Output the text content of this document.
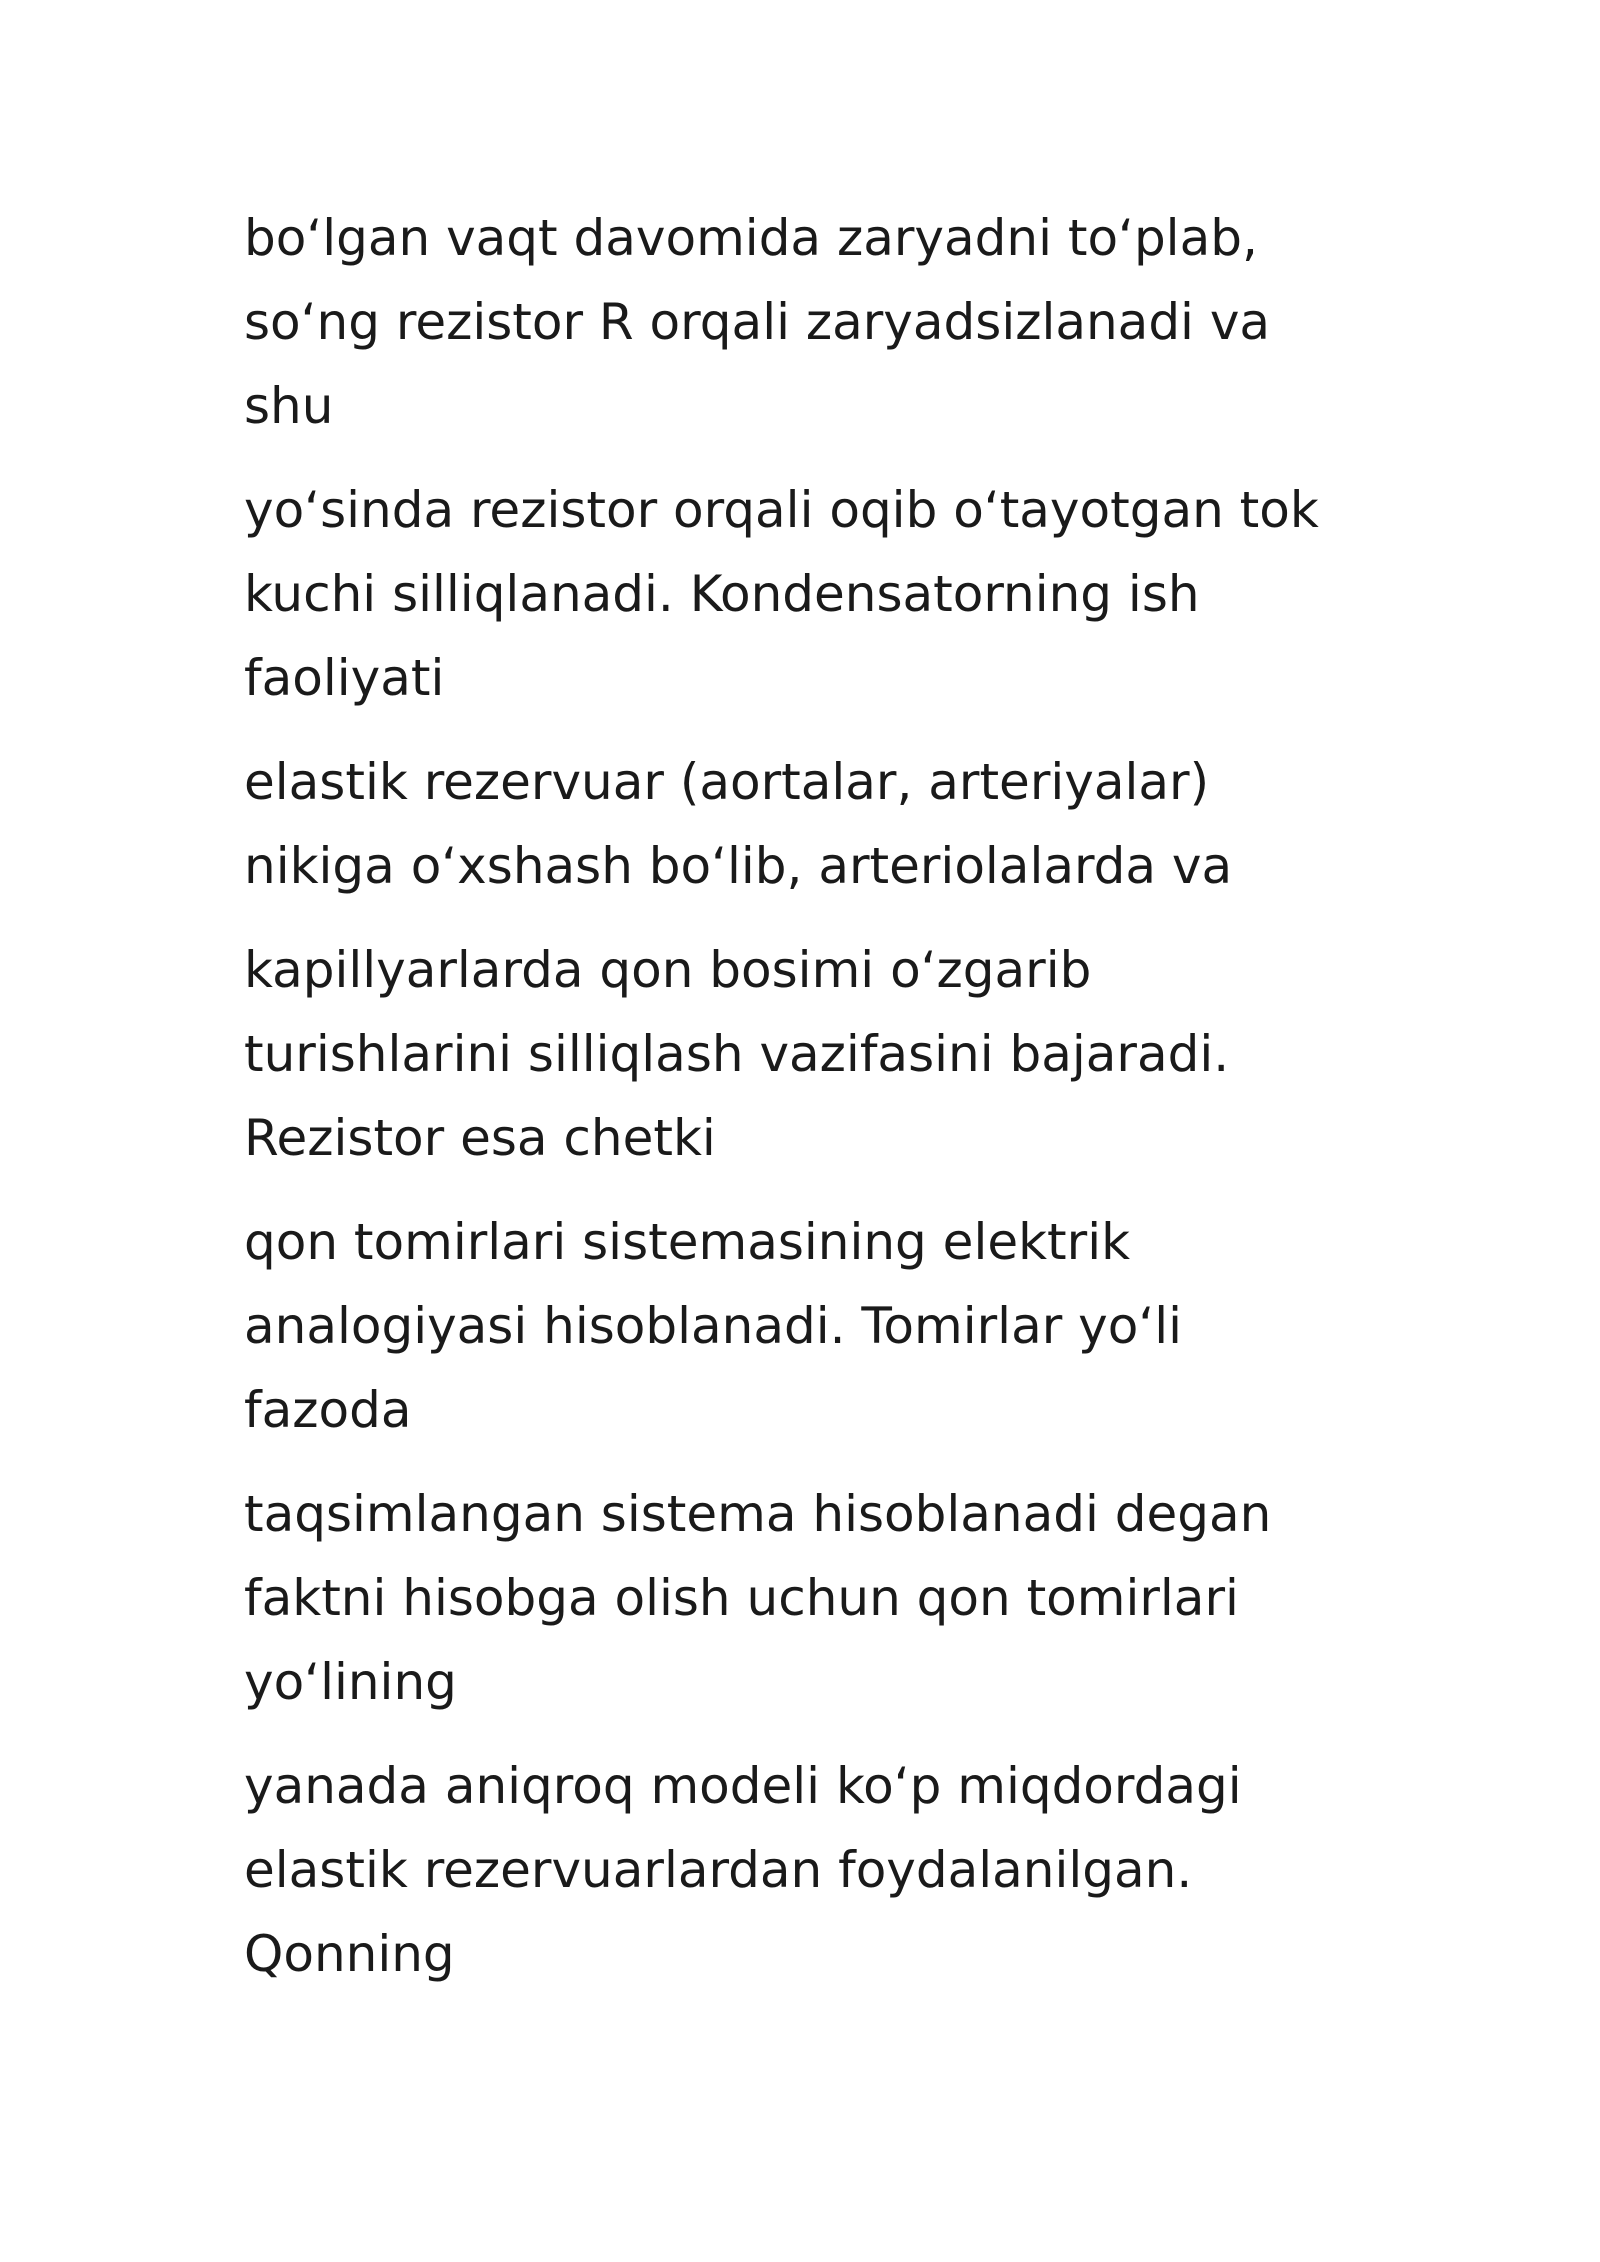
bo‘lgan vaqt davomida zaryadni to‘plab,
so‘ng rezistor R orqali zaryadsizlanadi va
shu

yo‘sinda rezistor orqali oqib o‘tayotgan tok
kuchi silliqlanadi. Kondensatorning ish
faoliyati

elastik rezervuar (aortalar, arteriyalar)
nikiga o‘xshash bo‘lib, arteriolalarda va

kapillyarlarda qon bosimi o‘zgarib
turishlarini silliqlash vazifasini bajaradi.
Rezistor esa chetki

qon tomirlari sistemasining elektrik
analogiyasi hisoblanadi. Tomirlar yo‘li
fazoda

taqsimlangan sistema hisoblanadi degan
faktni hisobga olish uchun qon tomirlari
yo‘lining

yanada aniqroq modeli ko‘p miqdordagi
elastik rezervuarlardan foydalanilgan.
Qonning
